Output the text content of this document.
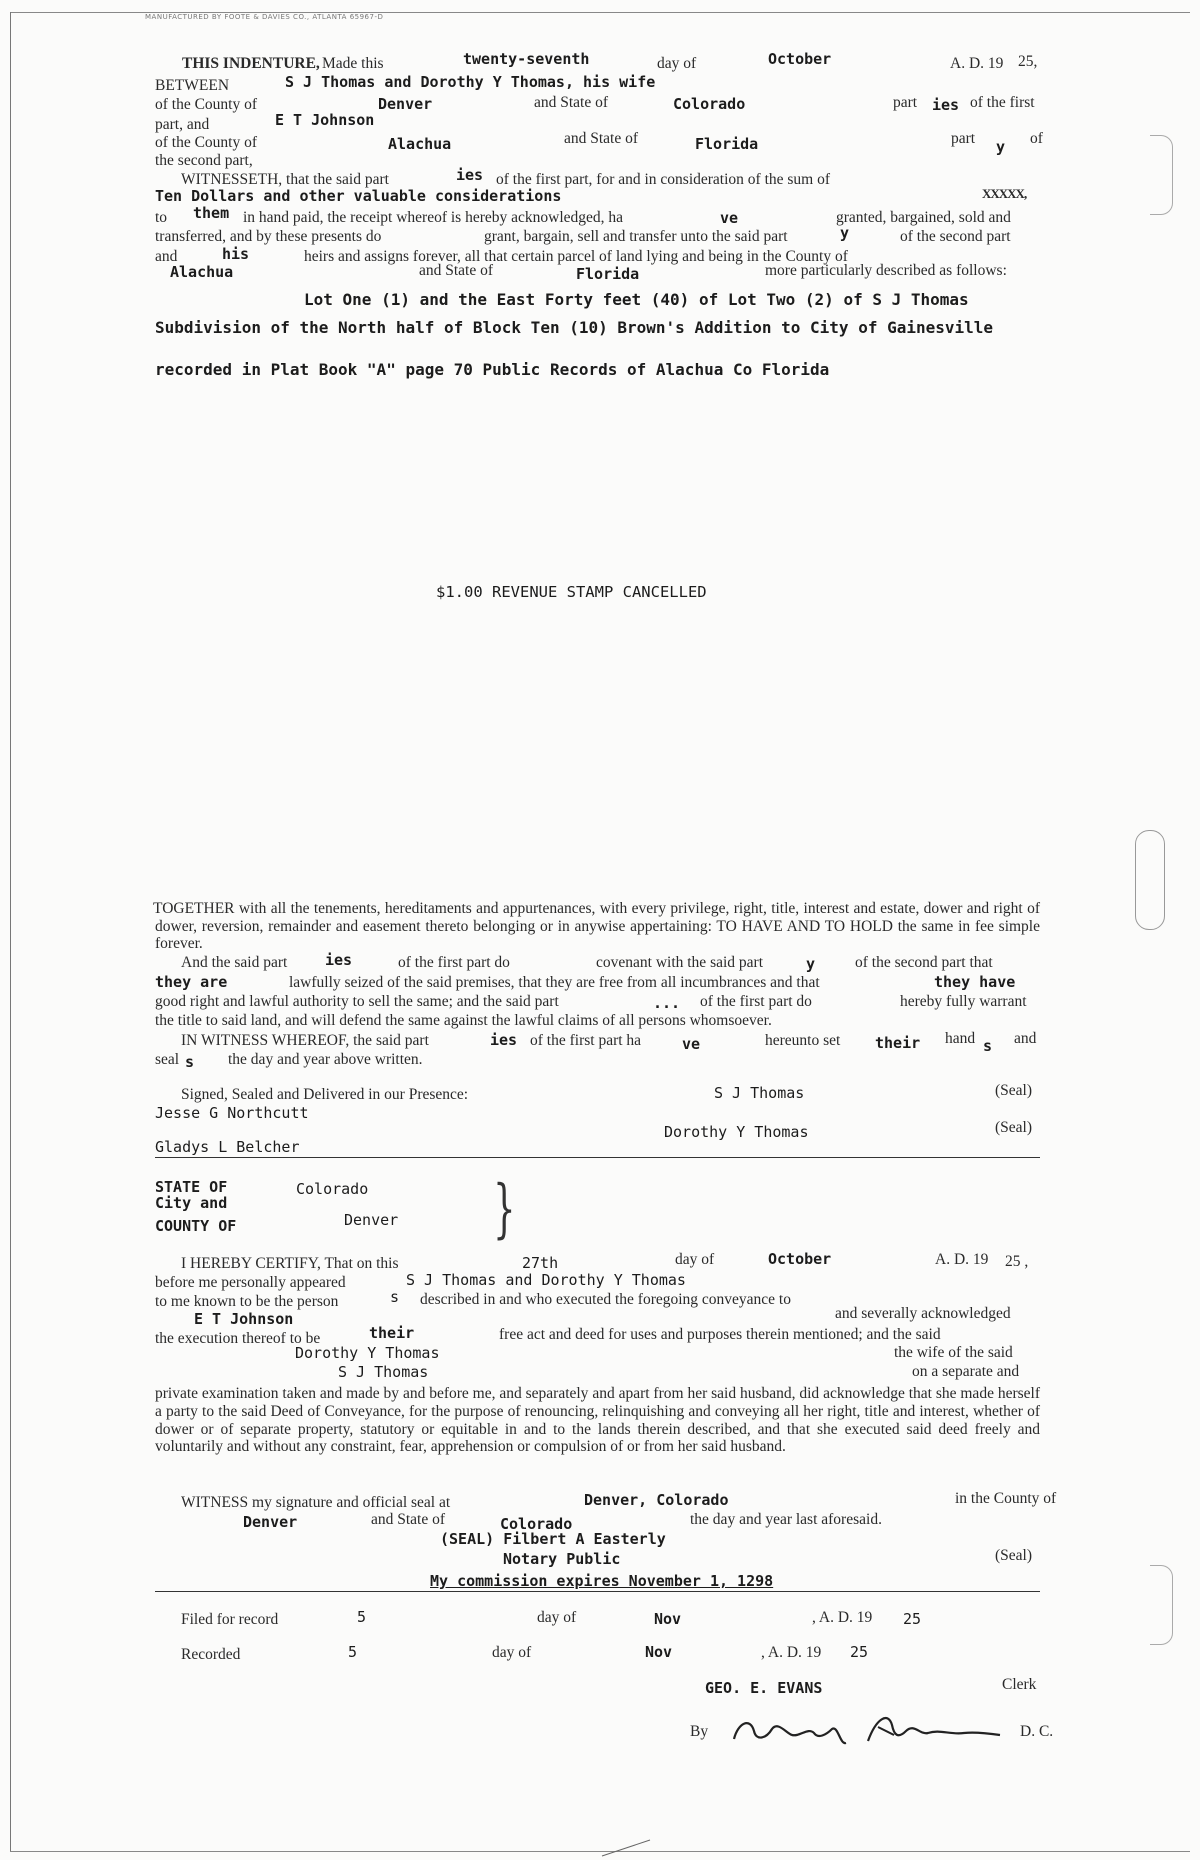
MANUFACTURED BY FOOTE & DAVIES CO., ATLANTA 65967-D
THIS INDENTURE, Made this	twenty-seventh	day of	October	A. D. 19 25,
BETWEEN	S J Thomas and Dorothy Y Thomas, his wife
of the County of	Denver	and State of	Colorado	part ies of the first
part, and	E T Johnson
of the County of	Alachua	and State of	Florida	part y of
the second part,
WITNESSETH, that the said part	ies of the first part, for and in consideration of the sum of
Ten Dollars and other valuable considerations	XXXXX,
to them in hand paid, the receipt whereof is hereby acknowledged, ha	ve	granted, bargained, sold and
transferred, and by these presents do	grant, bargain, sell and transfer unto the said part	y	of the second part
and	his	heirs and assigns forever, all that certain parcel of land lying and being in the County of
Alachua	and State of	Florida	more particularly described as follows:
Lot One (1) and the East Forty feet (40) of Lot Two (2) of S J Thomas
Subdivision of the North half of Block Ten (10) Brown's Addition to City of Gainesville
recorded in Plat Book "A" page 70 Public Records of Alachua Co Florida
$1.00 REVENUE STAMP CANCELLED
TOGETHER with all the tenements, hereditaments and appurtenances, with every privilege, right, title, interest and estate, dower and right of dower, reversion, remainder and easement thereto belonging or in anywise appertaining: TO HAVE AND TO HOLD the same in fee simple forever.
And the said part	ies	of the first part do	covenant with the said part	y	of the second part that
they are	lawfully seized of the said premises, that they are free from all incumbrances and that	they have
good right and lawful authority to sell the same; and the said part	... of the first part do	hereby fully warrant
the title to said land, and will defend the same against the lawful claims of all persons whomsoever.
IN WITNESS WHEREOF, the said part	ies of the first part ha	ve	hereunto set their hand s and
seal s the day and year above written.
Signed, Sealed and Delivered in our Presence:
Jesse G Northcutt
Gladys L Belcher
S J Thomas
Dorothy Y Thomas
(Seal)
(Seal)
STATE OF
City and
COUNTY OF
Colorado
Denver }
I HEREBY CERTIFY, That on this	27th	day of	October	A. D. 19 25 ,
before me personally appeared	S J Thomas and Dorothy Y Thomas
to me known to be the person	s described in and who executed the foregoing conveyance to
E T Johnson	and severally acknowledged
the execution thereof to be	their	free act and deed for uses and purposes therein mentioned; and the said
Dorothy Y Thomas	the wife of the said
S J Thomas	on a separate and
private examination taken and made by and before me, and separately and apart from her said husband, did acknowledge that she made herself a party to the said Deed of Conveyance, for the purpose of renouncing, relinquishing and conveying all her right, title and interest, whether of dower or of separate property, statutory or equitable in and to the lands therein described, and that she executed said deed freely and voluntarily and without any constraint, fear, apprehension or compulsion of or from her said husband.
WITNESS my signature and official seal at	Denver, Colorado	in the County of
Denver	and State of	Colorado	the day and year last aforesaid.
(SEAL) Filbert A Easterly
Notary Public	(Seal)
My commission expires November 1, 1298
Filed for record	5	day of	Nov	, A. D. 19 25
Recorded	5	day of	Nov	, A. D. 19 25
GEO. E. EVANS	Clerk
By	D. C.
